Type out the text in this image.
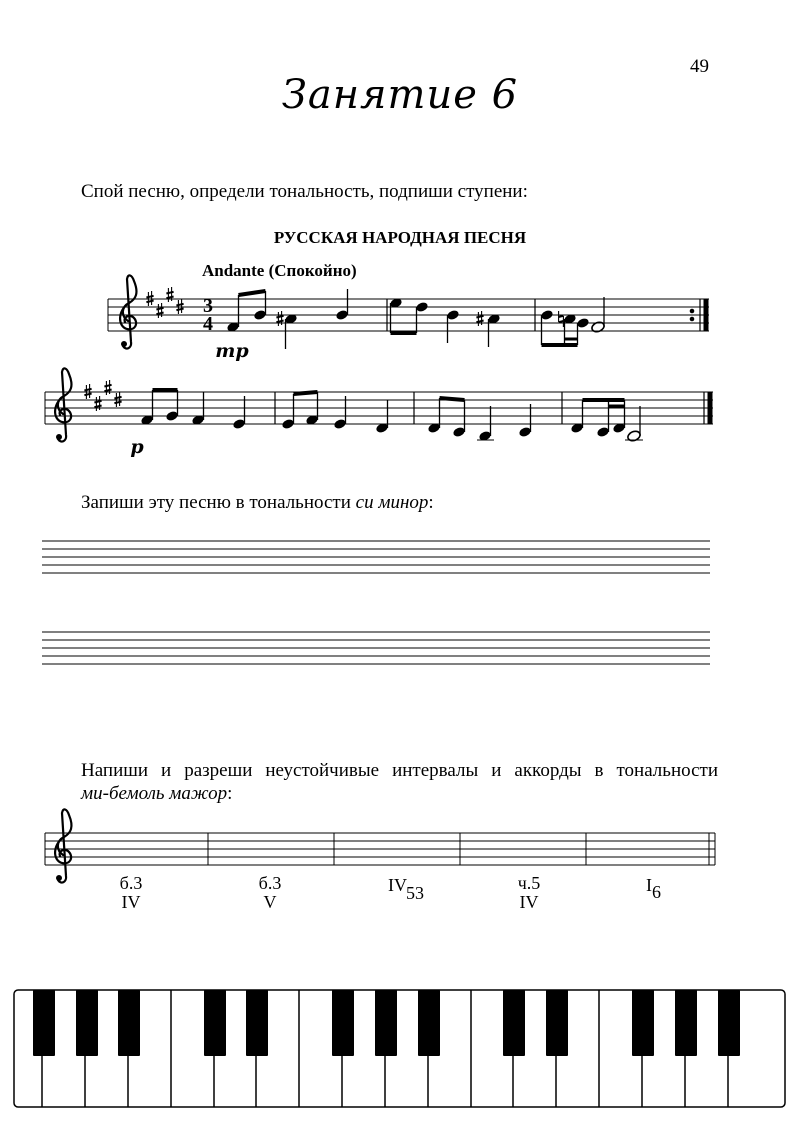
49
Занятие 6
Спой песню, определи тональность, подпиши ступени:
РУССКАЯ НАРОДНАЯ ПЕСНЯ
Andante (Спокойно)
Запиши эту песню в тональности си минор:
Напиши и разреши неустойчивые интервалы и аккорды в тональности
ми-бемоль мажор:
3
4
mp
p
б.3
IV
б.3
V
IV 53	ч.5
IV
I 6
